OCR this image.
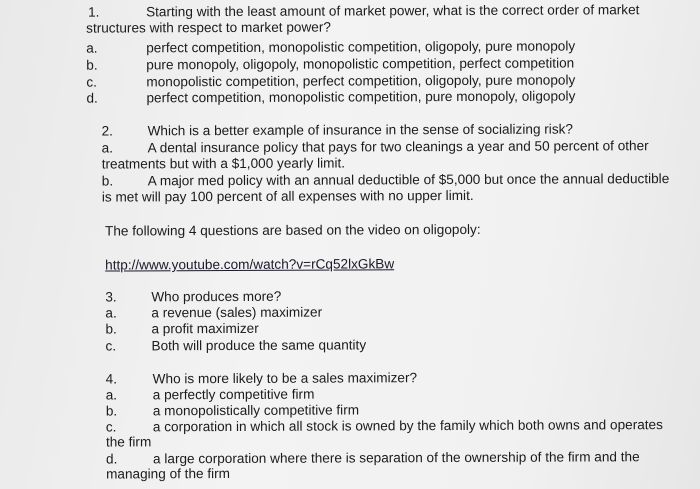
1.	Starting with the least amount of market power, what is the correct order of market
structures with respect to market power?
a.	perfect competition, monopolistic competition, oligopoly, pure monopoly
b.	pure monopoly, oligopoly, monopolistic competition, perfect competition
c.	monopolistic competition, perfect competition, oligopoly, pure monopoly
d.	perfect competition, monopolistic competition, pure monopoly, oligopoly
2.	Which is a better example of insurance in the sense of socializing risk?
a.	A dental insurance policy that pays for two cleanings a year and 50 percent of other
treatments but with a $1,000 yearly limit.
b.	A major med policy with an annual deductible of $5,000 but once the annual deductible
is met will pay 100 percent of all expenses with no upper limit.
The following 4 questions are based on the video on oligopoly:
http://www.youtube.com/watch?v=rCq52lxGkBw
3.	Who produces more?
a.	a revenue (sales) maximizer
b.	a profit maximizer
c.	Both will produce the same quantity
4.	Who is more likely to be a sales maximizer?
a.	a perfectly competitive firm
b.	a monopolistically competitive firm
c.	a corporation in which all stock is owned by the family which both owns and operates
the firm
d.	a large corporation where there is separation of the ownership of the firm and the
managing of the firm
